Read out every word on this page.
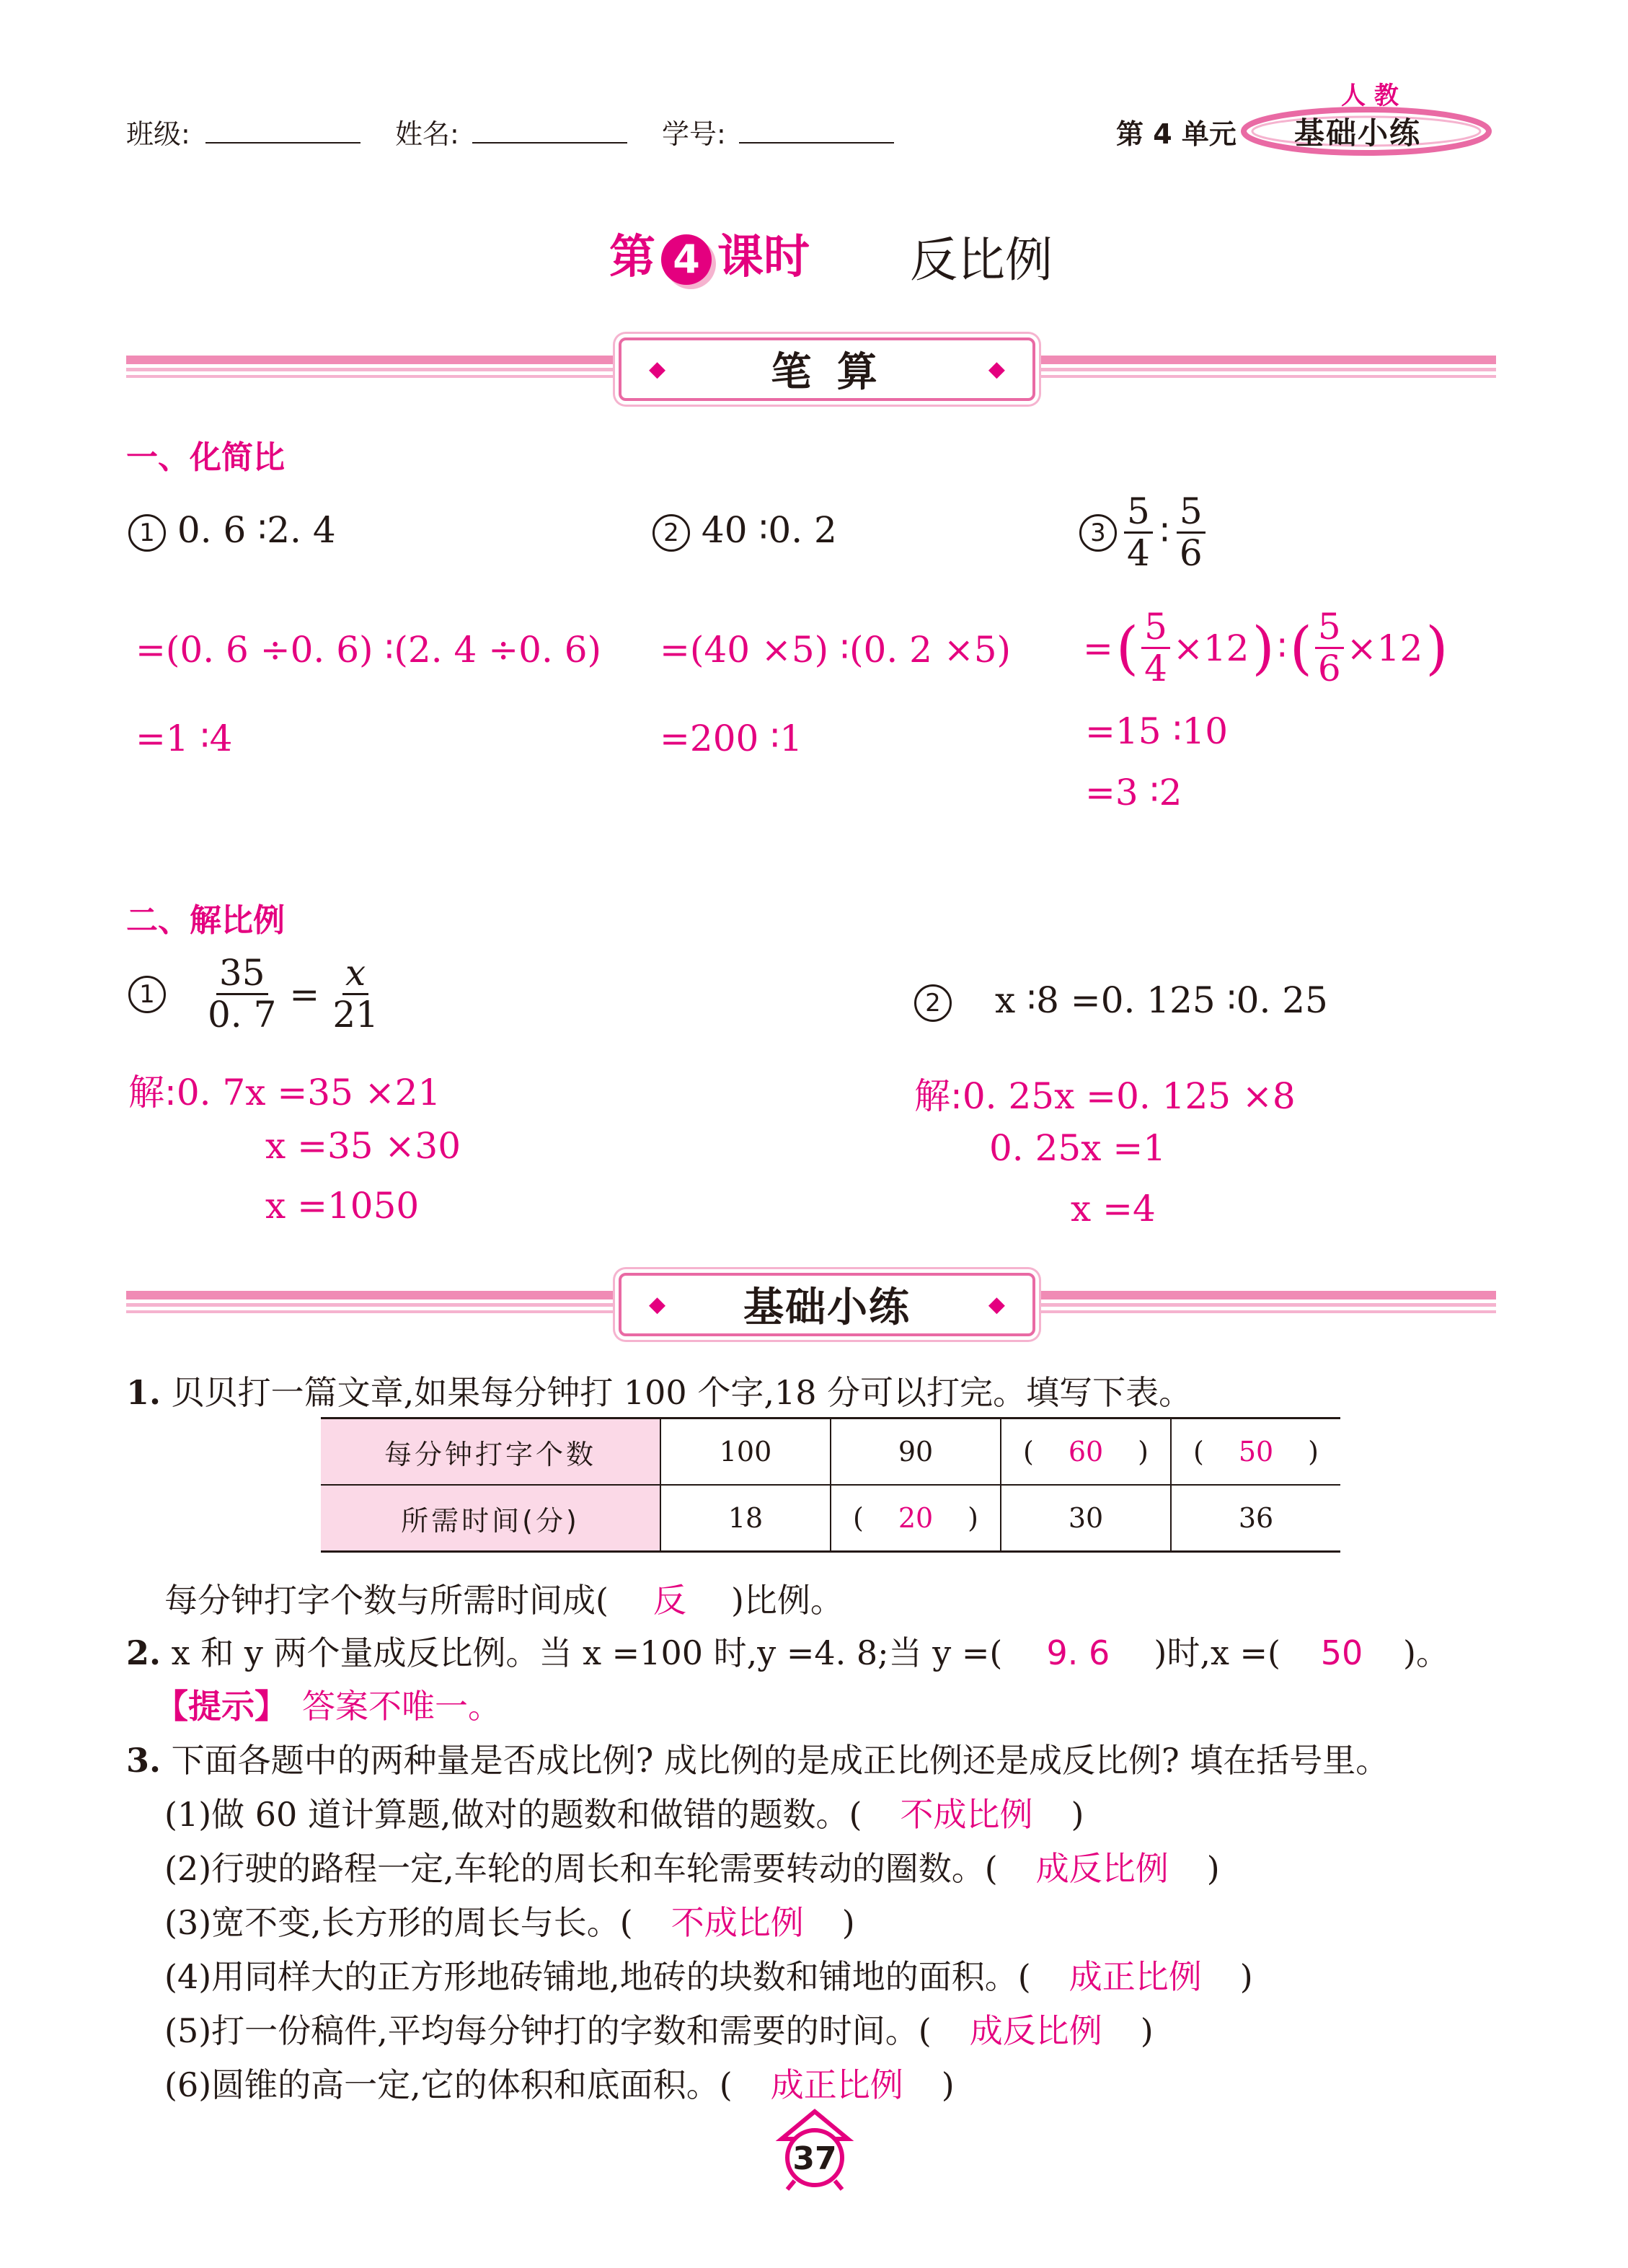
班级:	姓名:	学号:	第 4 单元
人 教
基础小练
第 4 课时 反比例
◆	笔 算	◆
一、化简比
1 0. 6 ∶2. 4
=(0. 6 ÷0. 6) ∶(2. 4 ÷0. 6)
=1 ∶4
2 40 ∶0. 2
=(40 ×5) ∶(0. 2 ×5)
=200 ∶1
$3 \frac{5}{4}$ ∶ $\frac{5}{6}$
= ( $\frac{5}{4} \times 12$ ) ∶ ( $\frac{5}{6} \times 12$ )
=15 ∶10
=3 ∶2
二、解比例
1	$\frac{35}{0. 7} = \frac{x}{21}$
解:0. 7x =35 ×21
x =35 ×30
x =1050
2 x ∶8 =0. 125 ∶0. 25
解:0. 25x =0. 125 ×8
0. 25x =1
x =4
◆	基础小练	◆
1. 贝贝打一篇文章,如果每分钟打 100 个字,18 分可以打完。填写下表。
每分钟打字个数	100	90	( 60 )	( 50 )

所需时间(分)	18	( 20 )	30	36
每分钟打字个数与所需时间成( 反 )比例。
2. x 和 y 两个量成反比例。当 x =100 时,y =4. 8;当 y =( 9. 6 )时,x =( 50 )。
【提示】 答案不唯一。
3. 下面各题中的两种量是否成比例? 成比例的是成正比例还是成反比例? 填在括号里。
(1)做 60 道计算题,做对的题数和做错的题数。( 不成比例 )
(2)行驶的路程一定,车轮的周长和车轮需要转动的圈数。( 成反比例 )
(3)宽不变,长方形的周长与长。( 不成比例 )
(4)用同样大的正方形地砖铺地,地砖的块数和铺地的面积。( 成正比例 )
(5)打一份稿件,平均每分钟打的字数和需要的时间。( 成反比例 )
(6)圆锥的高一定,它的体积和底面积。( 成正比例 )
37
